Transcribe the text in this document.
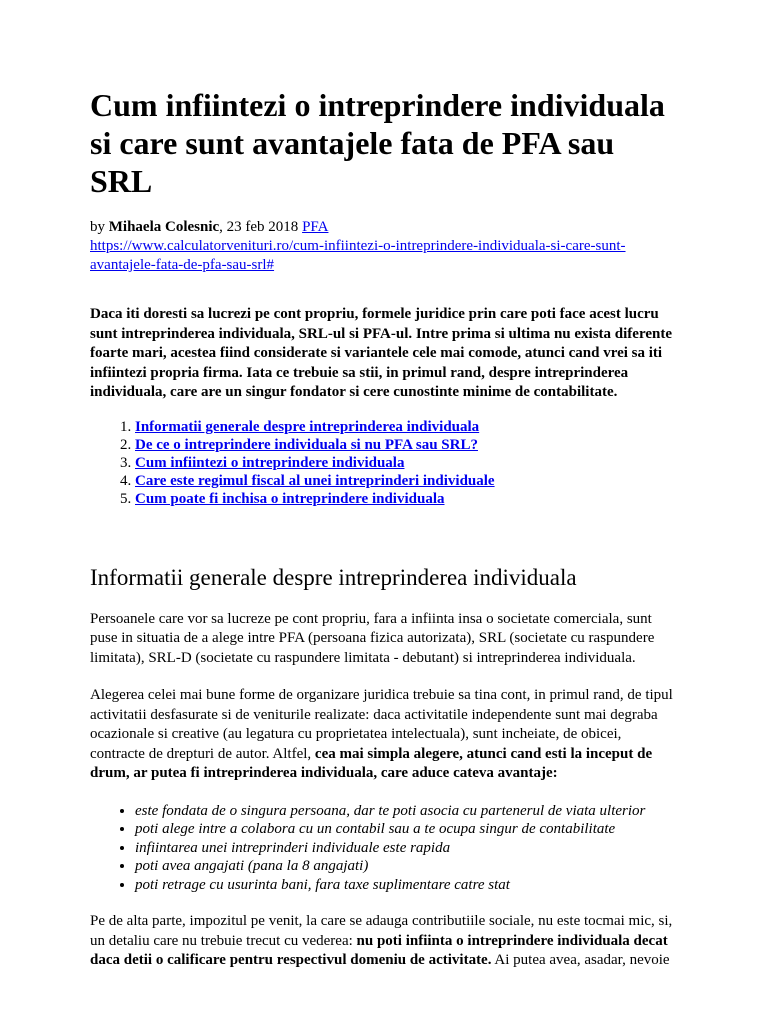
Cum infiintezi o intreprindere individuala si care sunt avantajele fata de PFA sau SRL
by Mihaela Colesnic, 23 feb 2018 PFA
https://www.calculatorvenituri.ro/cum-infiintezi-o-intreprindere-individuala-si-care-sunt-avantajele-fata-de-pfa-sau-srl#
Daca iti doresti sa lucrezi pe cont propriu, formele juridice prin care poti face acest lucru sunt intreprinderea individuala, SRL-ul si PFA-ul. Intre prima si ultima nu exista diferente foarte mari, acestea fiind considerate si variantele cele mai comode, atunci cand vrei sa iti infiintezi propria firma. Iata ce trebuie sa stii, in primul rand, despre intreprinderea individuala, care are un singur fondator si cere cunostinte minime de contabilitate.
1. Informatii generale despre intreprinderea individuala
2. De ce o intreprindere individuala si nu PFA sau SRL?
3. Cum infiintezi o intreprindere individuala
4. Care este regimul fiscal al unei intreprinderi individuale
5. Cum poate fi inchisa o intreprindere individuala
Informatii generale despre intreprinderea individuala

Persoanele care vor sa lucreze pe cont propriu, fara a infiinta insa o societate comerciala, sunt puse in situatia de a alege intre PFA (persoana fizica autorizata), SRL (societate cu raspundere limitata), SRL-D (societate cu raspundere limitata - debutant) si intreprinderea individuala.

Alegerea celei mai bune forme de organizare juridica trebuie sa tina cont, in primul rand, de tipul activitatii desfasurate si de veniturile realizate: daca activitatile independente sunt mai degraba ocazionale si creative (au legatura cu proprietatea intelectuala), sunt incheiate, de obicei, contracte de drepturi de autor. Altfel, cea mai simpla alegere, atunci cand esti la inceput de drum, ar putea fi intreprinderea individuala, care aduce cateva avantaje:

• este fondata de o singura persoana, dar te poti asocia cu partenerul de viata ulterior
• poti alege intre a colabora cu un contabil sau a te ocupa singur de contabilitate
• infiintarea unei intreprinderi individuale este rapida
• poti avea angajati (pana la 8 angajati)
• poti retrage cu usurinta bani, fara taxe suplimentare catre stat

Pe de alta parte, impozitul pe venit, la care se adauga contributiile sociale, nu este tocmai mic, si, un detaliu care nu trebuie trecut cu vederea: nu poti infiinta o intreprindere individuala decat daca detii o calificare pentru respectivul domeniu de activitate. Ai putea avea, asadar, nevoie
